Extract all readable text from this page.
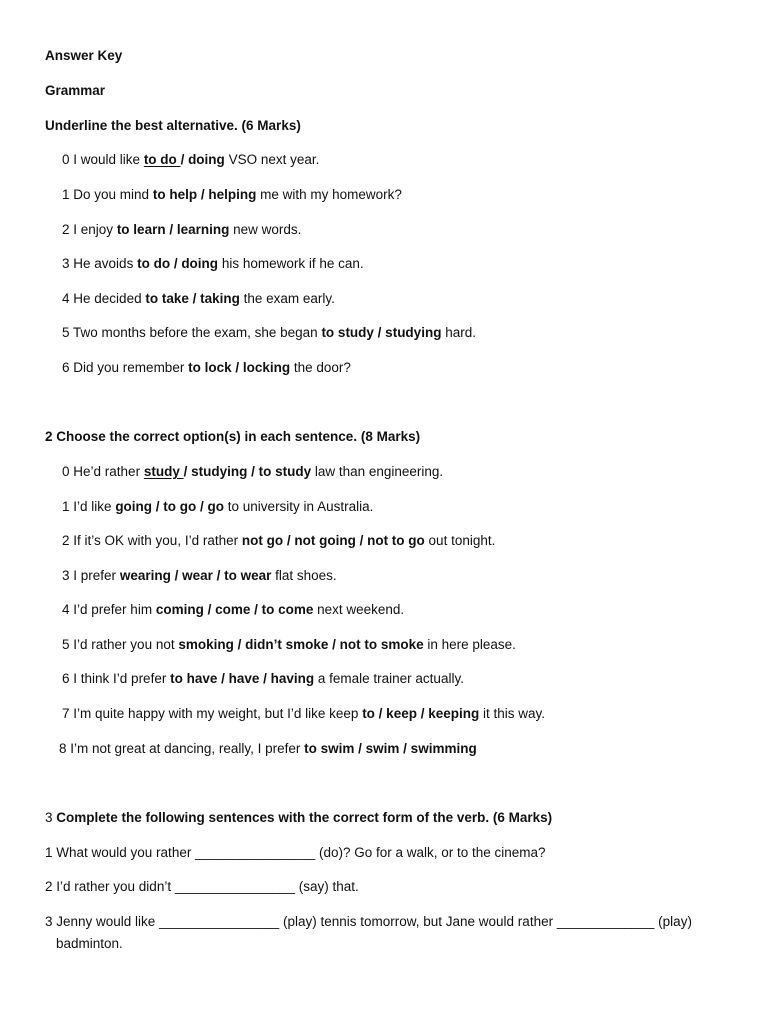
Answer Key
Grammar
Underline the best alternative. (6 Marks)
0 I would like to do / doing VSO next year.
1 Do you mind to help / helping me with my homework?
2 I enjoy to learn / learning new words.
3 He avoids to do / doing his homework if he can.
4 He decided to take / taking the exam early.
5 Two months before the exam, she began to study / studying hard.
6 Did you remember to lock / locking the door?
2 Choose the correct option(s) in each sentence. (8 Marks)
0 He’d rather study / studying / to study law than engineering.
1 I’d like going / to go / go to university in Australia.
2 If it’s OK with you, I’d rather not go / not going / not to go out tonight.
3 I prefer wearing / wear / to wear flat shoes.
4 I’d prefer him coming / come / to come next weekend.
5 I’d rather you not smoking / didn’t smoke / not to smoke in here please.
6 I think I’d prefer to have / have / having a female trainer actually.
7 I’m quite happy with my weight, but I’d like keep to / keep / keeping it this way.
8 I’m not great at dancing, really, I prefer to swim / swim / swimming
3 Complete the following sentences with the correct form of the verb. (6 Marks)
1 What would you rather ________________ (do)? Go for a walk, or to the cinema?
2 I’d rather you didn’t ________________ (say) that.
3 Jenny would like ________________ (play) tennis tomorrow, but Jane would rather _____________ (play)
badminton.
